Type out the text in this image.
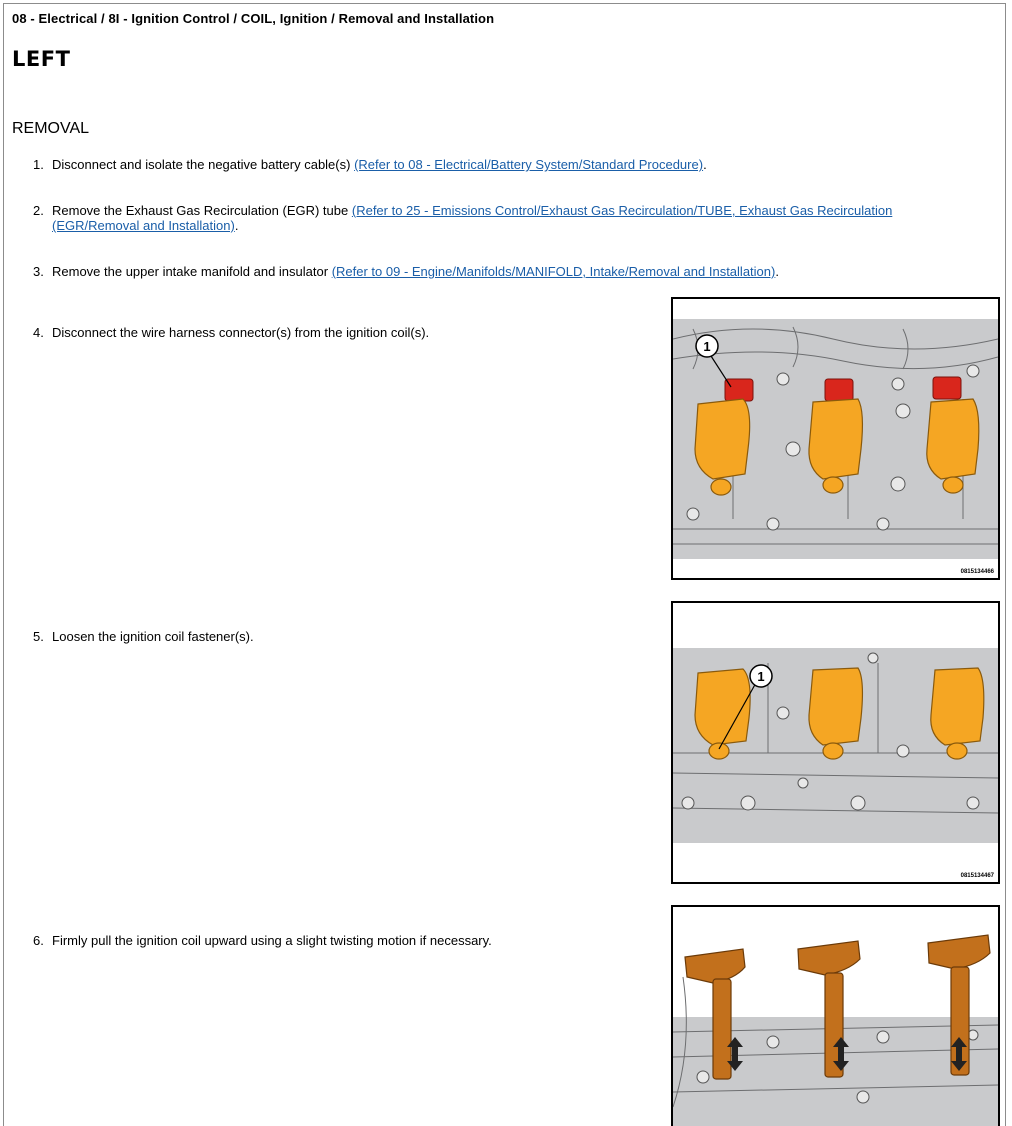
08 - Electrical / 8I - Ignition Control / COIL, Ignition / Removal and Installation
LEFT
REMOVAL
1. Disconnect and isolate the negative battery cable(s) (Refer to 08 - Electrical/Battery System/Standard Procedure).
2. Remove the Exhaust Gas Recirculation (EGR) tube (Refer to 25 - Emissions Control/Exhaust Gas Recirculation/TUBE, Exhaust Gas Recirculation
(EGR/Removal and Installation).
3. Remove the upper intake manifold and insulator (Refer to 09 - Engine/Manifolds/MANIFOLD, Intake/Removal and Installation).
4. Disconnect the wire harness connector(s) from the ignition coil(s).
5. Loosen the ignition coil fastener(s).
6. Firmly pull the ignition coil upward using a slight twisting motion if necessary.
1
0815134466
1
0815134467
